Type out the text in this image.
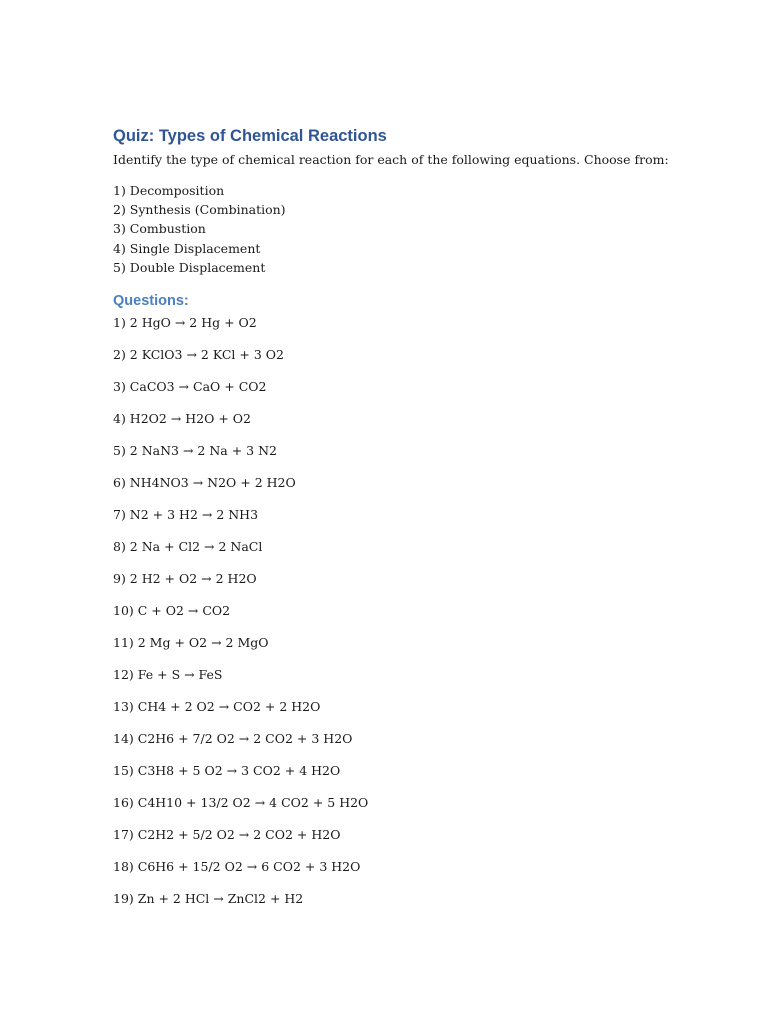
Quiz: Types of Chemical Reactions

Identify the type of chemical reaction for each of the following equations. Choose from:

1) Decomposition
2) Synthesis (Combination)
3) Combustion
4) Single Displacement
5) Double Displacement
Questions:
1) 2 HgO → 2 Hg + O2
2) 2 KClO3 → 2 KCl + 3 O2
3) CaCO3 → CaO + CO2
4) H2O2 → H2O + O2
5) 2 NaN3 → 2 Na + 3 N2
6) NH4NO3 → N2O + 2 H2O
7) N2 + 3 H2 → 2 NH3
8) 2 Na + Cl2 → 2 NaCl
9) 2 H2 + O2 → 2 H2O
10) C + O2 → CO2
11) 2 Mg + O2 → 2 MgO
12) Fe + S → FeS
13) CH4 + 2 O2 → CO2 + 2 H2O
14) C2H6 + 7/2 O2 → 2 CO2 + 3 H2O
15) C3H8 + 5 O2 → 3 CO2 + 4 H2O
16) C4H10 + 13/2 O2 → 4 CO2 + 5 H2O
17) C2H2 + 5/2 O2 → 2 CO2 + H2O
18) C6H6 + 15/2 O2 → 6 CO2 + 3 H2O
19) Zn + 2 HCl → ZnCl2 + H2
